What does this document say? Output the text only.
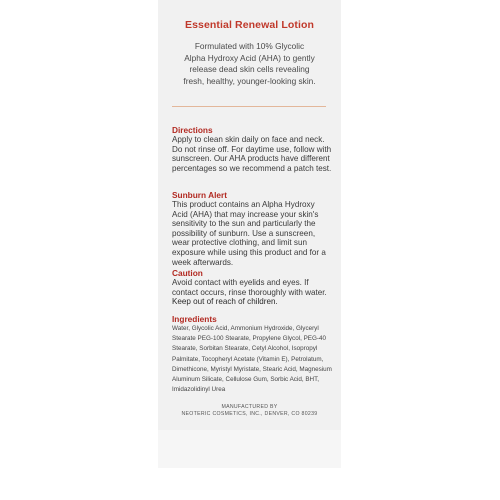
Essential Renewal Lotion
Formulated with 10% Glycolic
Alpha Hydroxy Acid (AHA) to gently
release dead skin cells revealing
fresh, healthy, younger-looking skin.

Directions

Apply to clean skin daily on face and neck. Do not rinse off. For daytime use, follow with sunscreen. Our AHA products have different percentages so we recommend a patch test.

Sunburn Alert

This product contains an Alpha Hydroxy Acid (AHA) that may increase your skin's sensitivity to the sun and particularly the possibility of sunburn. Use a sunscreen, wear protective clothing, and limit sun exposure while using this product and for a week afterwards.

Caution

Avoid contact with eyelids and eyes. If contact occurs, rinse thoroughly with water. Keep out of reach of children.

Ingredients

Water, Glycolic Acid, Ammonium Hydroxide, Glyceryl Stearate PEG-100 Stearate, Propylene Glycol, PEG-40 Stearate, Sorbitan Stearate, Cetyl Alcohol, Isopropyl Palmitate, Tocopheryl Acetate (Vitamin E), Petrolatum, Dimethicone, Myristyl Myristate, Stearic Acid, Magnesium Aluminum Silicate, Cellulose Gum, Sorbic Acid, BHT, Imidazolidinyl Urea

MANUFACTURED BY
NEOTERIC COSMETICS, INC., DENVER, CO 80239
